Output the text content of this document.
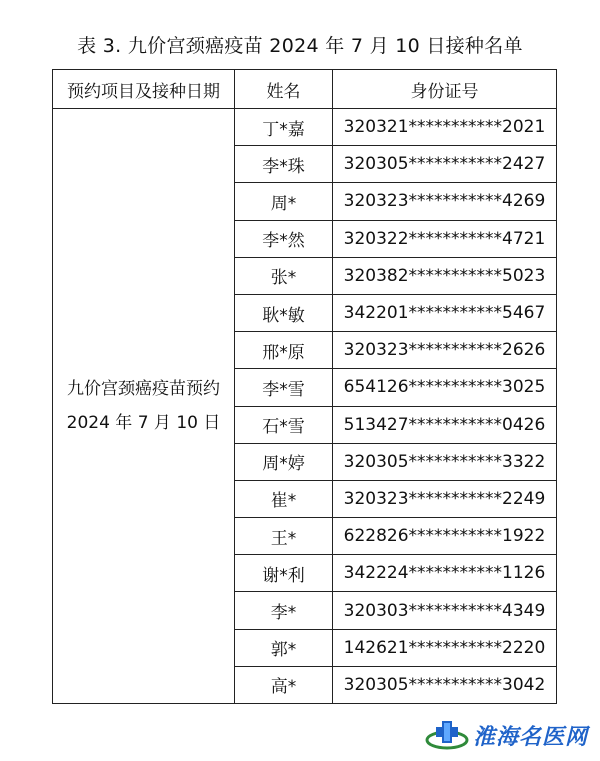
表 3. 九价宫颈癌疫苗 2024 年 7 月 10 日接种名单
预约项目及接种日期	姓名	身份证号

九价宫颈癌疫苗预约
2024 年 7 月 10 日	丁*嘉	320321***********2021
	李*珠	320305***********2427
	周*	320323***********4269
	李*然	320322***********4721
	张*	320382***********5023
	耿*敏	342201***********5467
	邢*原	320323***********2626
	李*雪	654126***********3025
	石*雪	513427***********0426
	周*婷	320305***********3322
	崔*	320323***********2249
	王*	622826***********1922
	谢*利	342224***********1126
	李*	320303***********4349
	郭*	142621***********2220
	高*	320305***********3042
淮海名医网
